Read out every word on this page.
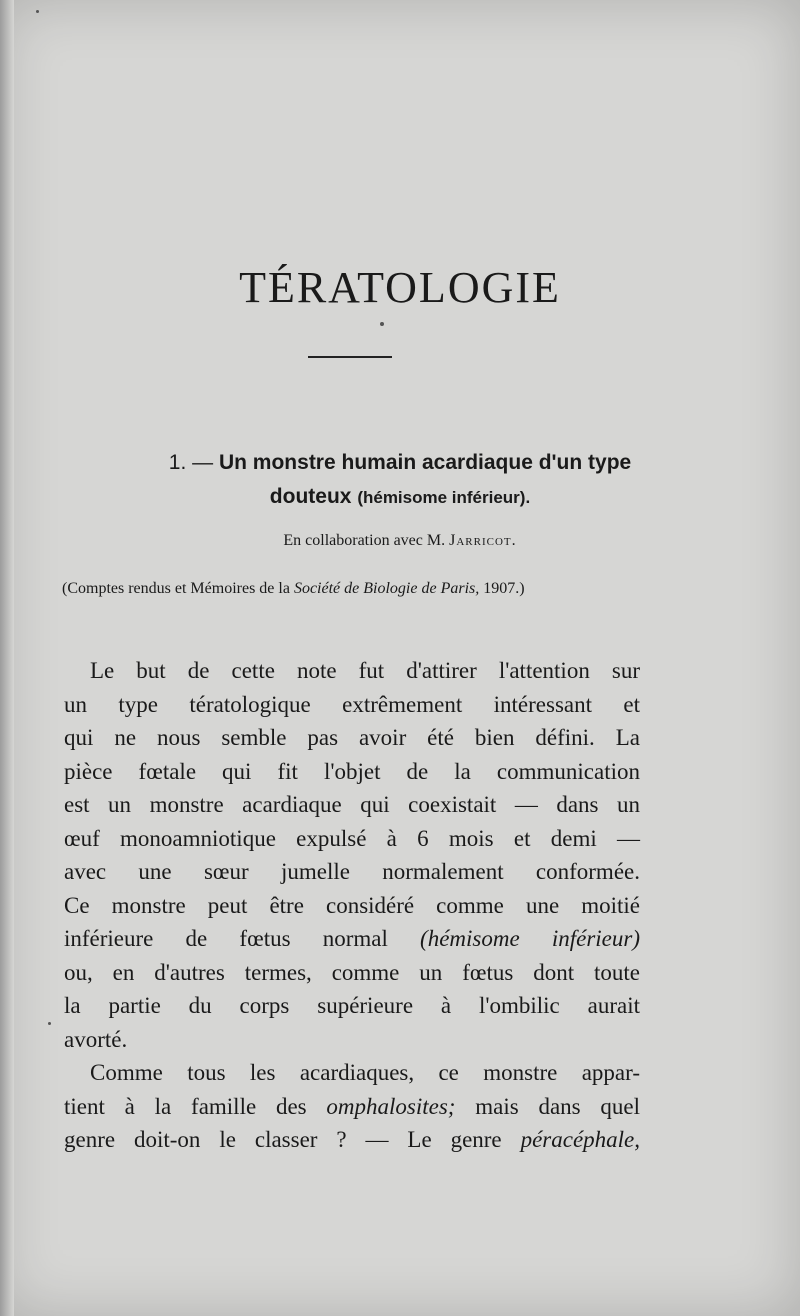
TÉRATOLOGIE
1. — Un monstre humain acardiaque d'un type
douteux (hémisome inférieur).
En collaboration avec M. Jarricot.
(Comptes rendus et Mémoires de la Société de Biologie de Paris, 1907.)

Le but de cette note fut d'attirer l'attention sur
un type tératologique extrêmement intéressant et
qui ne nous semble pas avoir été bien défini. La
pièce fœtale qui fit l'objet de la communication
est un monstre acardiaque qui coexistait — dans un
œuf monoamniotique expulsé à 6 mois et demi —
avec une sœur jumelle normalement conformée.
Ce monstre peut être considéré comme une moitié
inférieure de fœtus normal (hémisome inférieur)
ou, en d'autres termes, comme un fœtus dont toute
la partie du corps supérieure à l'ombilic aurait
avorté.

Comme tous les acardiaques, ce monstre appar-
tient à la famille des omphalosites; mais dans quel
genre doit-on le classer ? — Le genre péracéphale,
